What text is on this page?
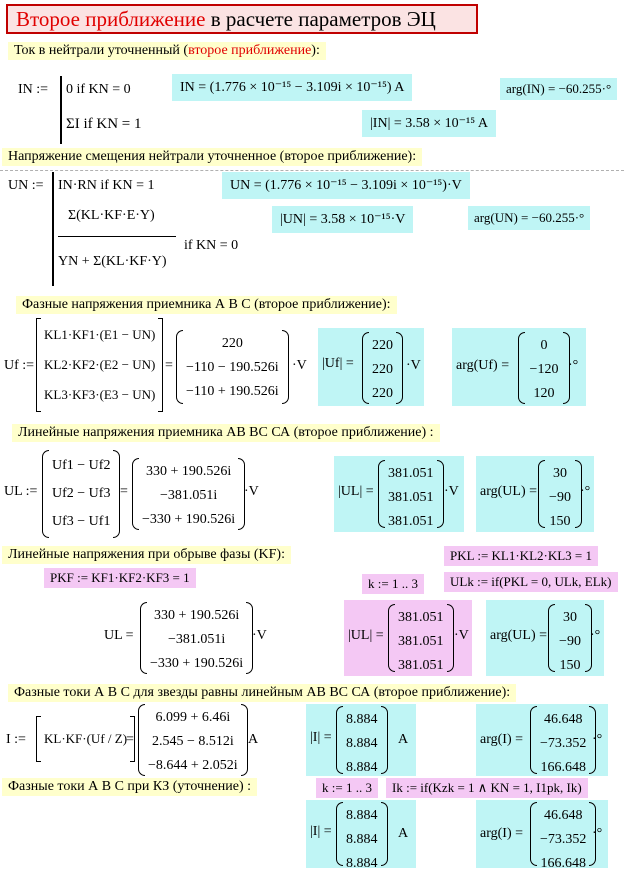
Второе приближение в расчете параметров ЭЦ
Ток в нейтрали уточненный (второе приближение):
IN := 0 if KN = 0
ΣI if KN = 1
IN = (1.776 × 10⁻¹⁵ − 3.109i × 10⁻¹⁵) A
|IN| = 3.58 × 10⁻¹⁵ A
arg(IN) = −60.255·°
Напряжение смещения нейтрали уточненное (второе приближение):
UN := IN·RN if KN = 1
Σ(KL·KF·E·Y)
YN + Σ(KL·KF·Y)
if KN = 0
UN = (1.776 × 10⁻¹⁵ − 3.109i × 10⁻¹⁵)·V
|UN| = 3.58 × 10⁻¹⁵·V	arg(UN) = −60.255·°
Фазные напряжения приемника А В С (второе приближение):
Uf :=
KL1·KF1·(E1 − UN)
KL2·KF2·(E2 − UN)
KL3·KF3·(E3 − UN)
=
220
−110 − 190.526i
−110 + 190.526i
·V |Uf| =
220
220
220
·V	arg(Uf) =
0
−120
120
·°
Линейные напряжения приемника АВ ВС СА (второе приближение) :
UL :=
Uf1 − Uf2
Uf2 − Uf3
Uf3 − Uf1
=
330 + 190.526i
−381.051i
−330 + 190.526i
·V	|UL| =
381.051
381.051
381.051
·V arg(UL) =
30
−90
150
·°
Линейные напряжения при обрыве фазы (KF):	PKL := KL1·KL2·KL3 = 1
ULk := if(PKL = 0, ULk, ELk)
PKF := KF1·KF2·KF3 = 1	k := 1 .. 3
UL =
330 + 190.526i
−381.051i
−330 + 190.526i
·V	|UL| =
381.051
381.051
381.051
·V arg(UL) =
30
−90
150
·°
Фазные токи А В С для звезды равны линейным АВ ВС СА (второе приближение):
I := KL·KF·(Uf / Z)
=
6.099 + 6.46i
2.545 − 8.512i
−8.644 + 2.052i
A	|I| =
8.884
8.884
8.884
A	arg(I) =
46.648
−73.352
166.648
·°
Фазные токи А В С при КЗ (уточнение) :	k := 1 .. 3	Ik := if(Kzk = 1 ∧ KN = 1, I1pk, Ik)
|I| =
8.884
8.884
8.884
A	arg(I) =
46.648
−73.352
166.648
·°
